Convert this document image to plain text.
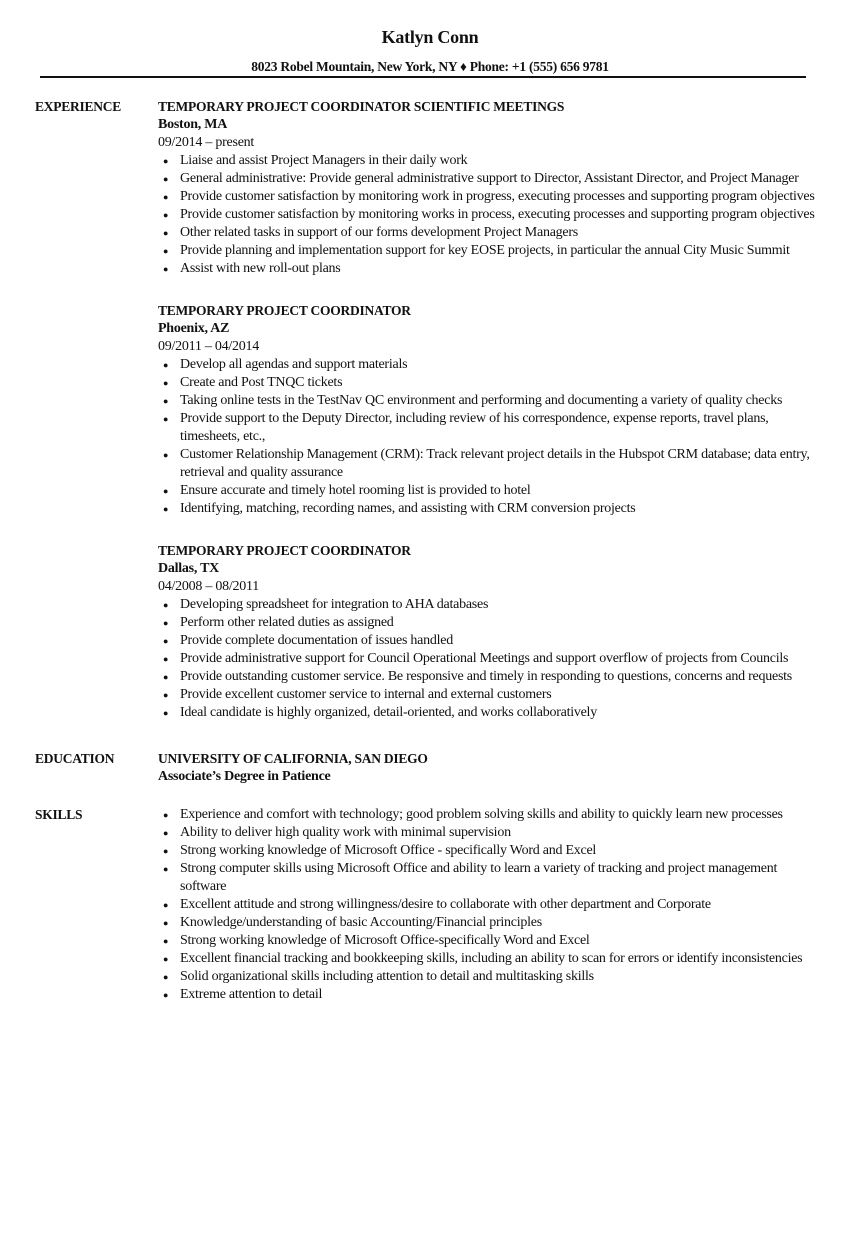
Katlyn Conn
8023 Robel Mountain, New York, NY ♦ Phone: +1 (555) 656 9781
EXPERIENCE	TEMPORARY PROJECT COORDINATOR SCIENTIFIC MEETINGS
Boston, MA
09/2014 – present
● Liaise and assist Project Managers in their daily work
● General administrative: Provide general administrative support to Director, Assistant Director, and Project Manager
● Provide customer satisfaction by monitoring work in progress, executing processes and supporting program objectives
● Provide customer satisfaction by monitoring works in process, executing processes and supporting program objectives
● Other related tasks in support of our forms development Project Managers
● Provide planning and implementation support for key EOSE projects, in particular the annual City Music Summit
● Assist with new roll-out plans
TEMPORARY PROJECT COORDINATOR
Phoenix, AZ
09/2011 – 04/2014
● Develop all agendas and support materials
● Create and Post TNQC tickets
● Taking online tests in the TestNav QC environment and performing and documenting a variety of quality checks
● Provide support to the Deputy Director, including review of his correspondence, expense reports, travel plans, timesheets, etc.,
● Customer Relationship Management (CRM): Track relevant project details in the Hubspot CRM database; data entry, retrieval and quality assurance
● Ensure accurate and timely hotel rooming list is provided to hotel
● Identifying, matching, recording names, and assisting with CRM conversion projects
TEMPORARY PROJECT COORDINATOR
Dallas, TX
04/2008 – 08/2011
● Developing spreadsheet for integration to AHA databases
● Perform other related duties as assigned
● Provide complete documentation of issues handled
● Provide administrative support for Council Operational Meetings and support overflow of projects from Councils
● Provide outstanding customer service. Be responsive and timely in responding to questions, concerns and requests
● Provide excellent customer service to internal and external customers
● Ideal candidate is highly organized, detail-oriented, and works collaboratively
EDUCATION	UNIVERSITY OF CALIFORNIA, SAN DIEGO
Associate’s Degree in Patience
SKILLS	● Experience and comfort with technology; good problem solving skills and ability to quickly learn new processes
● Ability to deliver high quality work with minimal supervision
● Strong working knowledge of Microsoft Office - specifically Word and Excel
● Strong computer skills using Microsoft Office and ability to learn a variety of tracking and project management software
● Excellent attitude and strong willingness/desire to collaborate with other department and Corporate
● Knowledge/understanding of basic Accounting/Financial principles
● Strong working knowledge of Microsoft Office-specifically Word and Excel
● Excellent financial tracking and bookkeeping skills, including an ability to scan for errors or identify inconsistencies
● Solid organizational skills including attention to detail and multitasking skills
● Extreme attention to detail
